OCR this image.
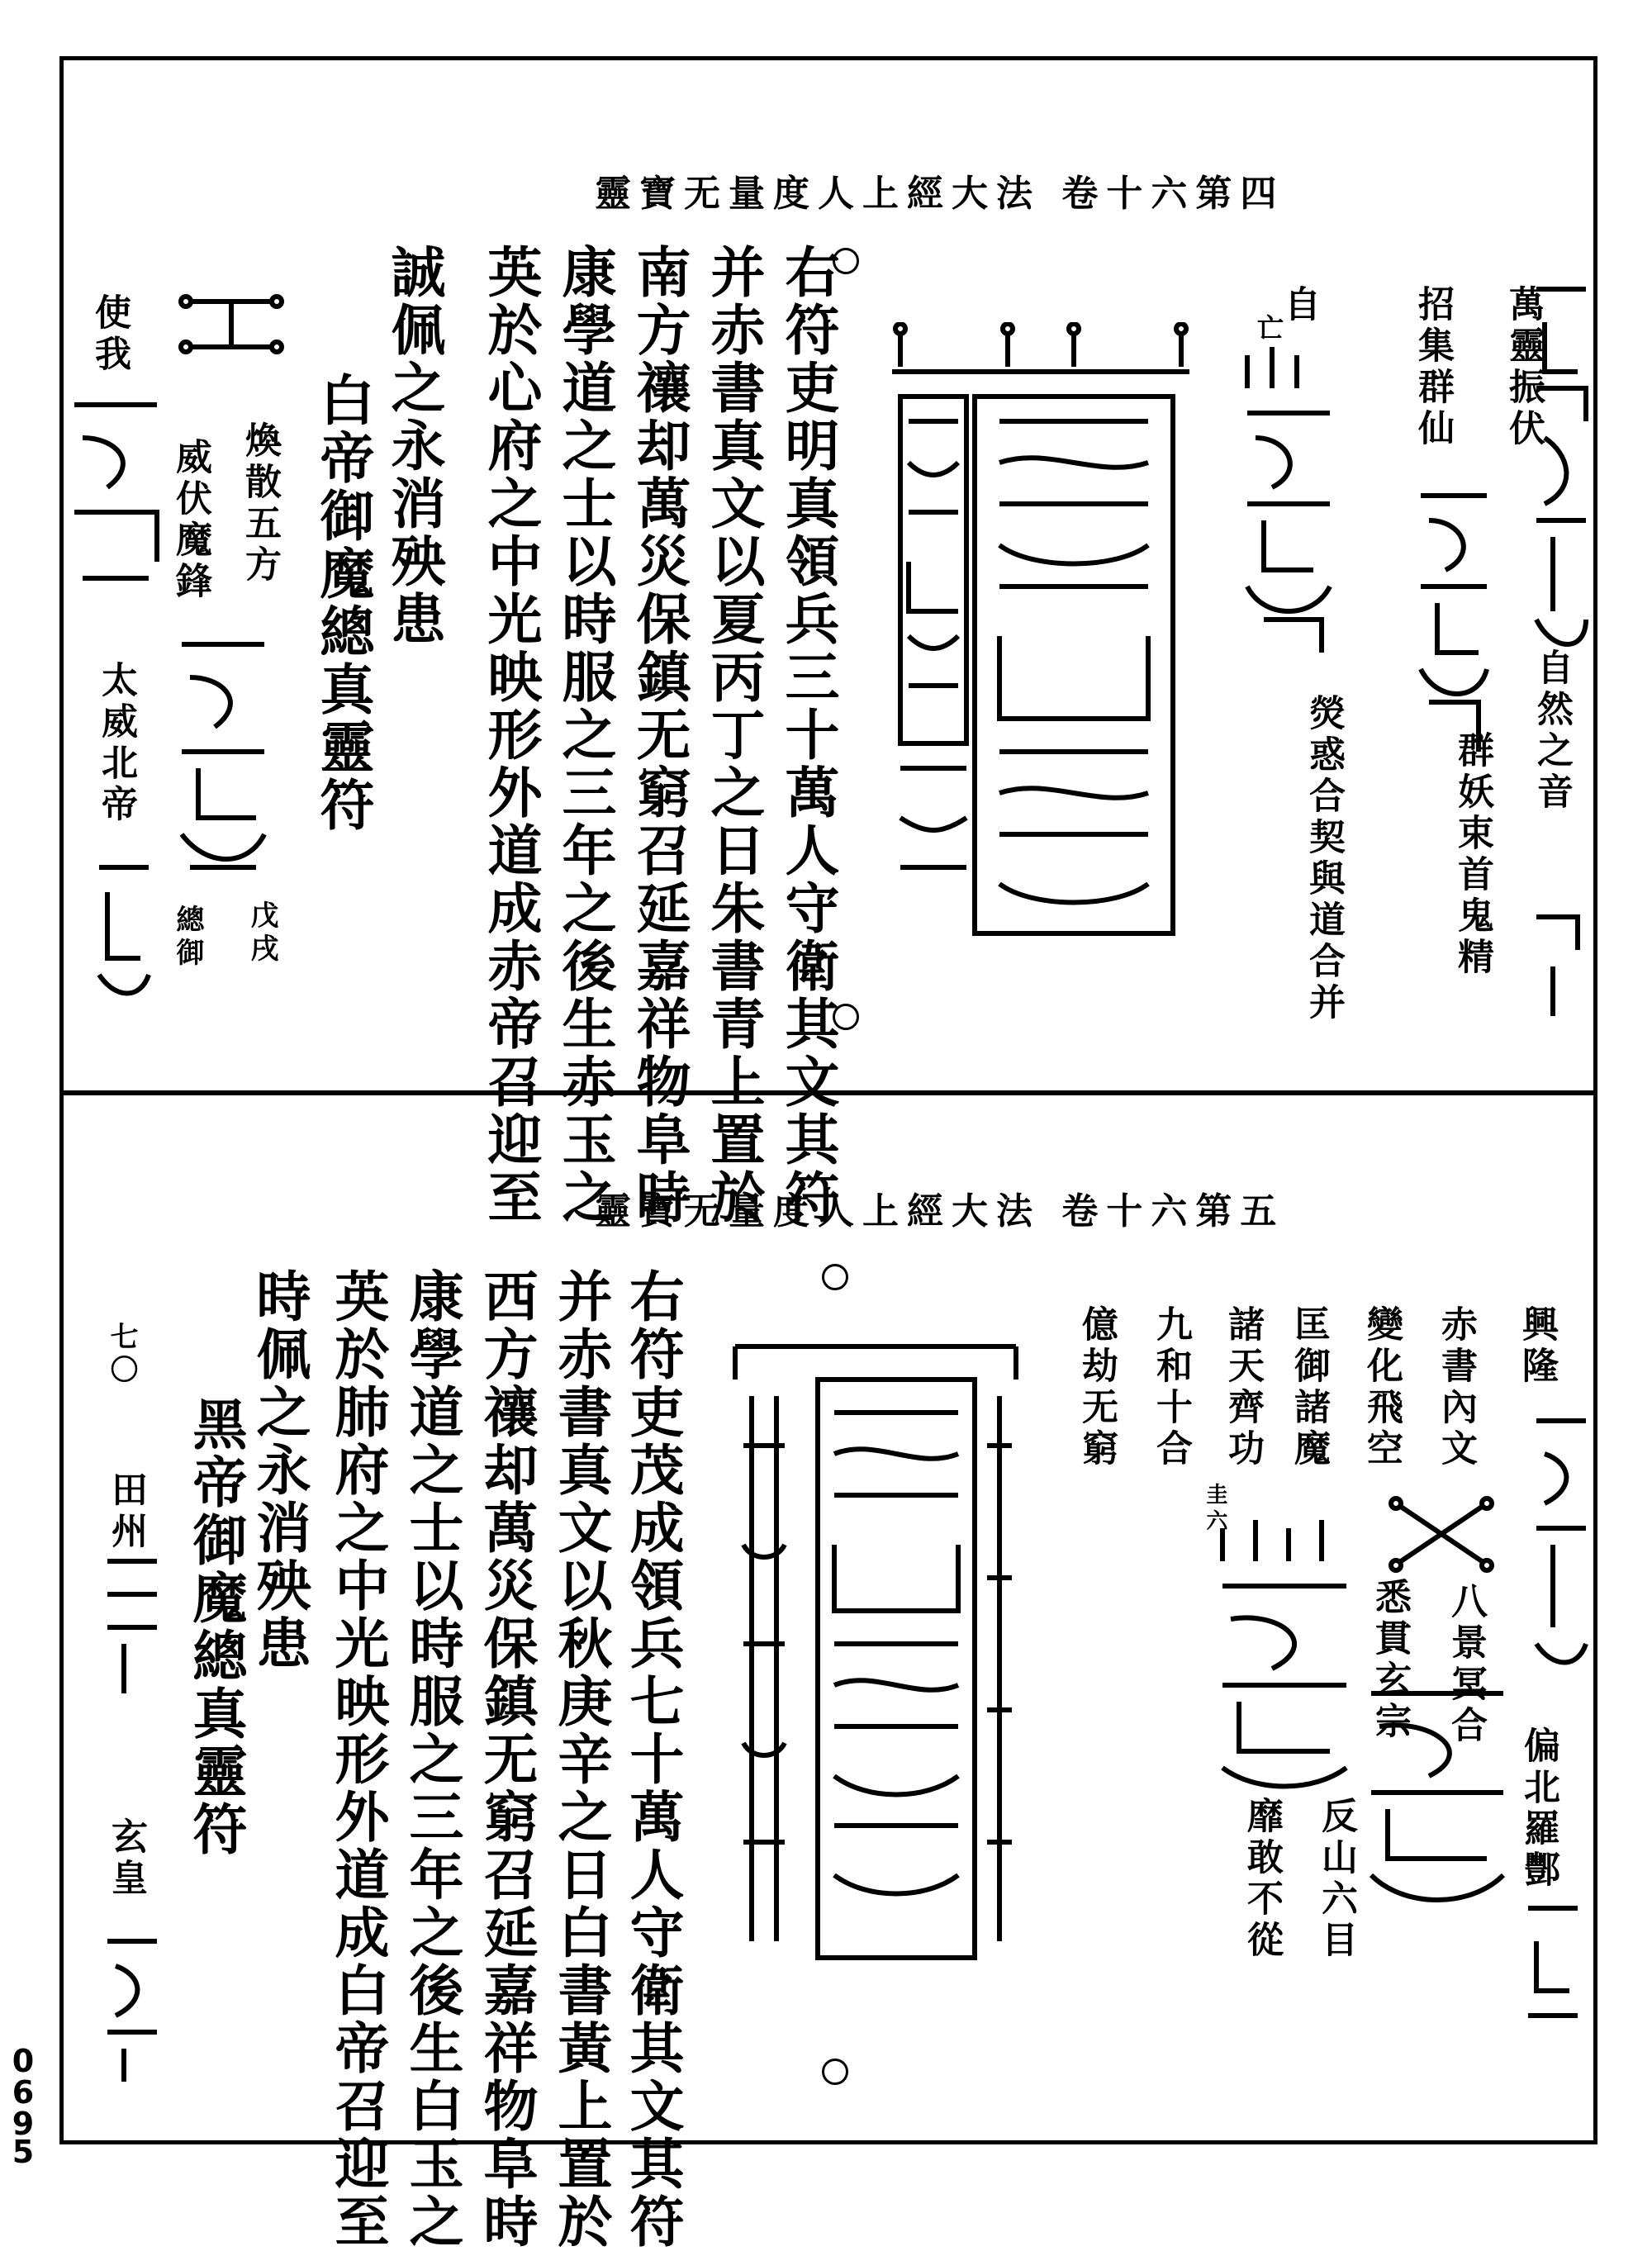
0
6
9
5
靈寶无量度人上經大法 卷十六第四
萬靈振伏
自然之音
招集群仙
群妖束首鬼精
自
亡
熒惑合契與道合并
右符吏明真領兵三十萬人守衛其文其符
并赤書真文以夏丙丁之日朱書青上置於
南方禳却萬災保鎮无窮召延嘉祥物阜時
康學道之士以時服之三年之後生赤玉之
英於心府之中光映形外道成赤帝召迎至
誠佩之永消殃患
白帝御魔總真靈符
煥散五方
戊戌
威伏魔鋒
總御
使我
太威北帝
靈寶无量度人上經大法 卷十六第五
興隆
偏北羅酆
赤書內文
八景冥合
變化飛空
悉貫玄宗
匡御諸魔
反山六目
諸天齊功
圭六
靡敢不從
九和十合
億劫无窮
右符吏茂成領兵七十萬人守衛其文其符
并赤書真文以秋庚辛之日白書黃上置於
西方禳却萬災保鎮无窮召延嘉祥物阜時
康學道之士以時服之三年之後生白玉之
英於肺府之中光映形外道成白帝召迎至
時佩之永消殃患
黑帝御魔總真靈符
七〇
田州
玄皇
